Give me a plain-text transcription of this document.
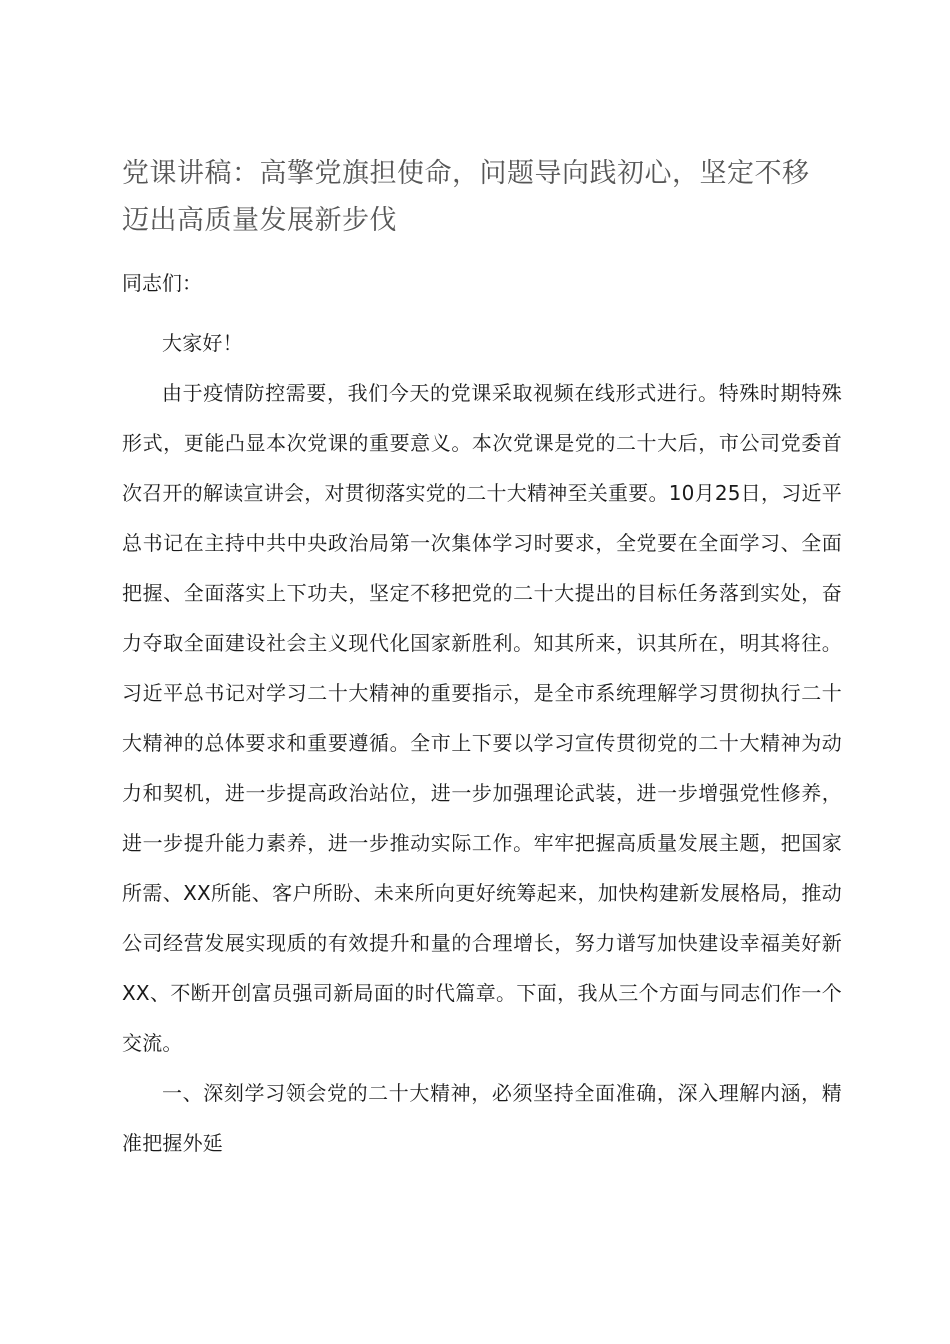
党课讲稿：高擎党旗担使命，问题导向践初心，坚定不移迈出高质量发展新步伐
同志们：

大家好！

由于疫情防控需要，我们今天的党课采取视频在线形式进行。特殊时期特殊形式，更能凸显本次党课的重要意义。本次党课是党的二十大后，市公司党委首次召开的解读宣讲会，对贯彻落实党的二十大精神至关重要。10月25日，习近平总书记在主持中共中央政治局第一次集体学习时要求，全党要在全面学习、全面把握、全面落实上下功夫，坚定不移把党的二十大提出的目标任务落到实处，奋力夺取全面建设社会主义现代化国家新胜利。知其所来，识其所在，明其将往。习近平总书记对学习二十大精神的重要指示，是全市系统理解学习贯彻执行二十大精神的总体要求和重要遵循。全市上下要以学习宣传贯彻党的二十大精神为动力和契机，进一步提高政治站位，进一步加强理论武装，进一步增强党性修养，进一步提升能力素养，进一步推动实际工作。牢牢把握高质量发展主题，把国家所需、XX所能、客户所盼、未来所向更好统筹起来，加快构建新发展格局，推动公司经营发展实现质的有效提升和量的合理增长，努力谱写加快建设幸福美好新XX、不断开创富员强司新局面的时代篇章。下面，我从三个方面与同志们作一个交流。

一、深刻学习领会党的二十大精神，必须坚持全面准确，深入理解内涵，精准把握外延
